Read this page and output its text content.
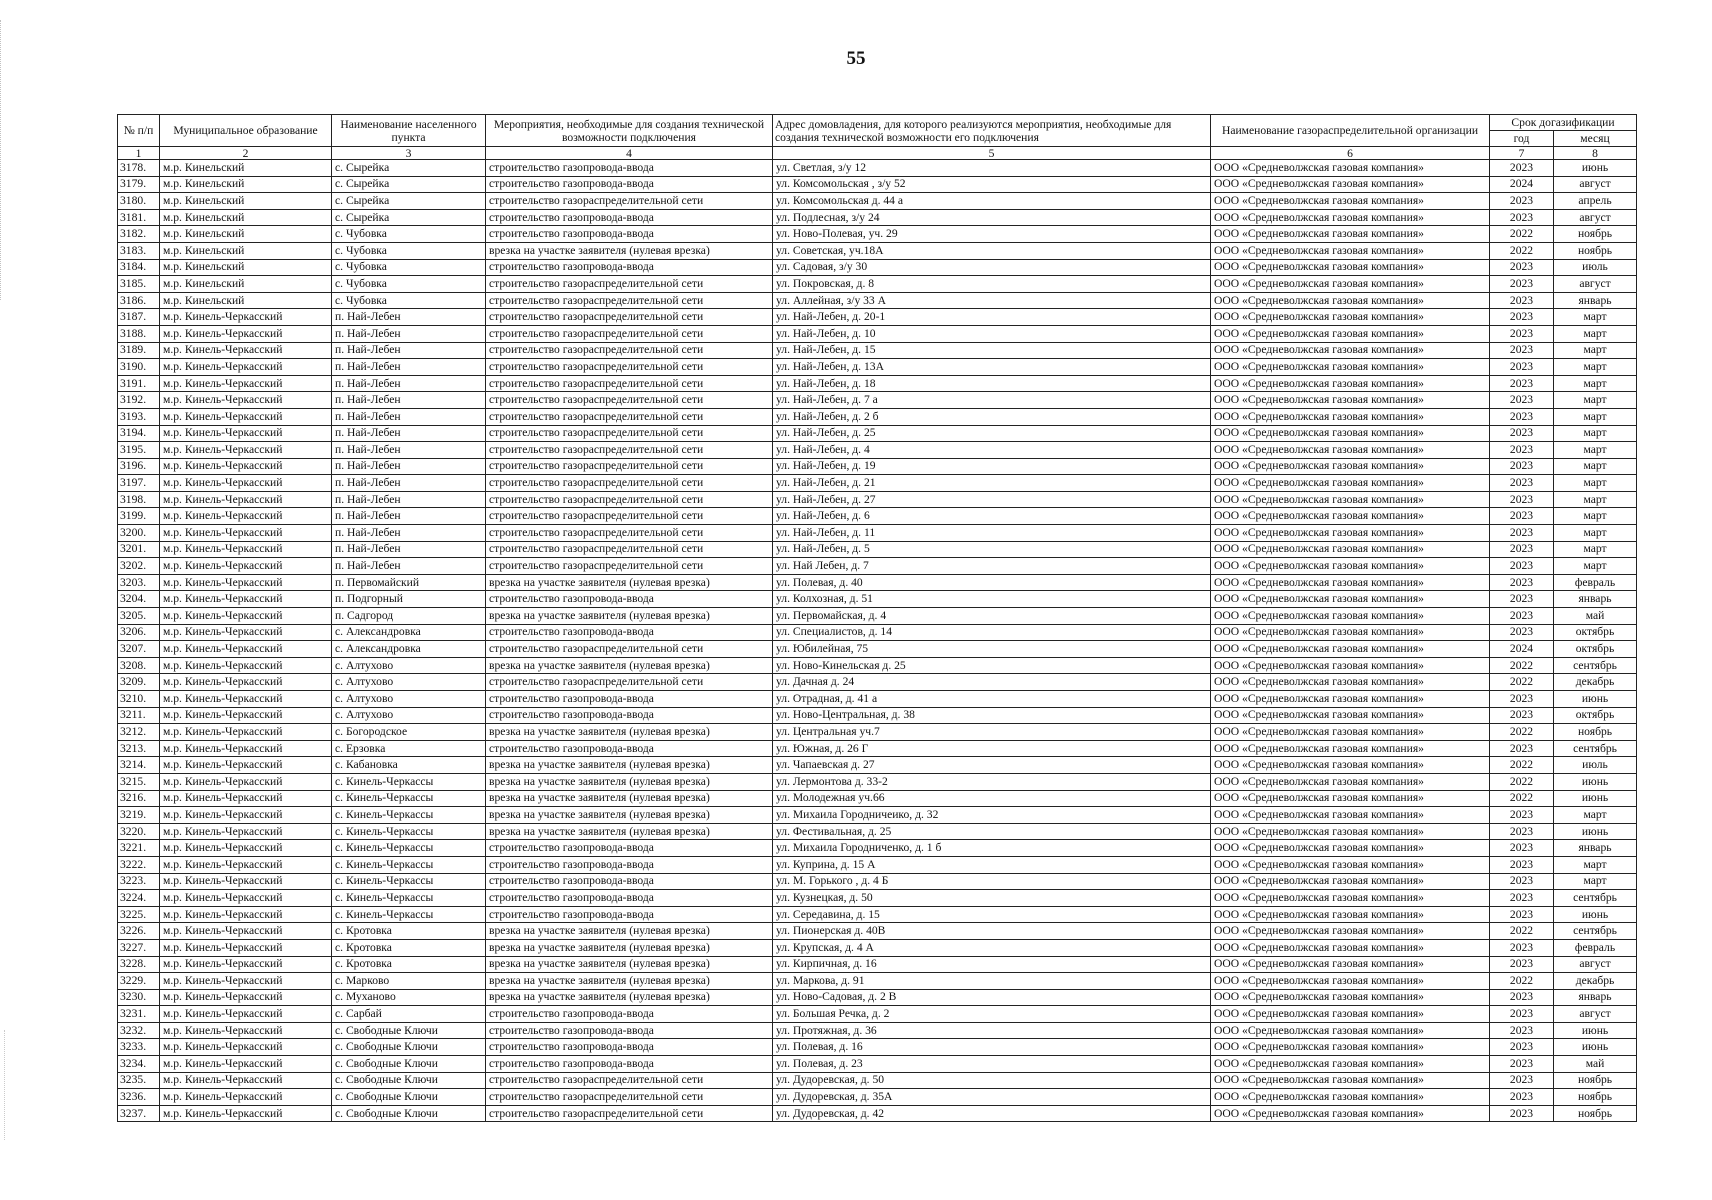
55
№ п/п	Муниципальное образование	Наименование населенного пункта	Мероприятия, необходимые для создания технической возможности подключения	Адрес домовладения, для которого реализуются мероприятия, необходимые для создания технической возможности его подключения	Наименование газораспределительной организации	Срок догазификации	
						год	месяц
1	2	3	4	5	6	7	8
3178.	м.р. Кинельский	с. Сырейка	строительство газопровода-ввода	ул. Светлая, з/у 12	ООО «Средневолжская газовая компания»	2023	июнь
3179.	м.р. Кинельский	с. Сырейка	строительство газопровода-ввода	ул. Комсомольская , з/у 52	ООО «Средневолжская газовая компания»	2024	август
3180.	м.р. Кинельский	с. Сырейка	строительство газораспределительной сети	ул. Комсомольская д. 44 а	ООО «Средневолжская газовая компания»	2023	апрель
3181.	м.р. Кинельский	с. Сырейка	строительство газопровода-ввода	ул. Подлесная, з/у 24	ООО «Средневолжская газовая компания»	2023	август
3182.	м.р. Кинельский	с. Чубовка	строительство газопровода-ввода	ул. Ново-Полевая, уч. 29	ООО «Средневолжская газовая компания»	2022	ноябрь
3183.	м.р. Кинельский	с. Чубовка	врезка на участке заявителя (нулевая врезка)	ул. Советская, уч.18А	ООО «Средневолжская газовая компания»	2022	ноябрь
3184.	м.р. Кинельский	с. Чубовка	строительство газопровода-ввода	ул. Садовая, з/у 30	ООО «Средневолжская газовая компания»	2023	июль
3185.	м.р. Кинельский	с. Чубовка	строительство газораспределительной сети	ул. Покровская, д. 8	ООО «Средневолжская газовая компания»	2023	август
3186.	м.р. Кинельский	с. Чубовка	строительство газораспределительной сети	ул. Аллейная, з/у 33 А	ООО «Средневолжская газовая компания»	2023	январь
3187.	м.р. Кинель-Черкасский	п. Най-Лебен	строительство газораспределительной сети	ул. Най-Лебен, д. 20-1	ООО «Средневолжская газовая компания»	2023	март
3188.	м.р. Кинель-Черкасский	п. Най-Лебен	строительство газораспределительной сети	ул. Най-Лебен, д. 10	ООО «Средневолжская газовая компания»	2023	март
3189.	м.р. Кинель-Черкасский	п. Най-Лебен	строительство газораспределительной сети	ул. Най-Лебен, д. 15	ООО «Средневолжская газовая компания»	2023	март
3190.	м.р. Кинель-Черкасский	п. Най-Лебен	строительство газораспределительной сети	ул. Най-Лебен, д. 13А	ООО «Средневолжская газовая компания»	2023	март
3191.	м.р. Кинель-Черкасский	п. Най-Лебен	строительство газораспределительной сети	ул. Най-Лебен, д. 18	ООО «Средневолжская газовая компания»	2023	март
3192.	м.р. Кинель-Черкасский	п. Най-Лебен	строительство газораспределительной сети	ул. Най-Лебен, д. 7 а	ООО «Средневолжская газовая компания»	2023	март
3193.	м.р. Кинель-Черкасский	п. Най-Лебен	строительство газораспределительной сети	ул. Най-Лебен, д. 2 б	ООО «Средневолжская газовая компания»	2023	март
3194.	м.р. Кинель-Черкасский	п. Най-Лебен	строительство газораспределительной сети	ул. Най-Лебен, д. 25	ООО «Средневолжская газовая компания»	2023	март
3195.	м.р. Кинель-Черкасский	п. Най-Лебен	строительство газораспределительной сети	ул. Най-Лебен, д. 4	ООО «Средневолжская газовая компания»	2023	март
3196.	м.р. Кинель-Черкасский	п. Най-Лебен	строительство газораспределительной сети	ул. Най-Лебен, д. 19	ООО «Средневолжская газовая компания»	2023	март
3197.	м.р. Кинель-Черкасский	п. Най-Лебен	строительство газораспределительной сети	ул. Най-Лебен, д. 21	ООО «Средневолжская газовая компания»	2023	март
3198.	м.р. Кинель-Черкасский	п. Най-Лебен	строительство газораспределительной сети	ул. Най-Лебен, д. 27	ООО «Средневолжская газовая компания»	2023	март
3199.	м.р. Кинель-Черкасский	п. Най-Лебен	строительство газораспределительной сети	ул. Най-Лебен, д. 6	ООО «Средневолжская газовая компания»	2023	март
3200.	м.р. Кинель-Черкасский	п. Най-Лебен	строительство газораспределительной сети	ул. Най-Лебен, д. 11	ООО «Средневолжская газовая компания»	2023	март
3201.	м.р. Кинель-Черкасский	п. Най-Лебен	строительство газораспределительной сети	ул. Най-Лебен, д. 5	ООО «Средневолжская газовая компания»	2023	март
3202.	м.р. Кинель-Черкасский	п. Най-Лебен	строительство газораспределительной сети	ул. Най Лебен, д. 7	ООО «Средневолжская газовая компания»	2023	март
3203.	м.р. Кинель-Черкасский	п. Первомайский	врезка на участке заявителя (нулевая врезка)	ул. Полевая, д. 40	ООО «Средневолжская газовая компания»	2023	февраль
3204.	м.р. Кинель-Черкасский	п. Подгорный	строительство газопровода-ввода	ул. Колхозная, д. 51	ООО «Средневолжская газовая компания»	2023	январь
3205.	м.р. Кинель-Черкасский	п. Садгород	врезка на участке заявителя (нулевая врезка)	ул. Первомайская, д. 4	ООО «Средневолжская газовая компания»	2023	май
3206.	м.р. Кинель-Черкасский	с. Александровка	строительство газопровода-ввода	ул. Специалистов, д. 14	ООО «Средневолжская газовая компания»	2023	октябрь
3207.	м.р. Кинель-Черкасский	с. Александровка	строительство газораспределительной сети	ул. Юбилейная, 75	ООО «Средневолжская газовая компания»	2024	октябрь
3208.	м.р. Кинель-Черкасский	с. Алтухово	врезка на участке заявителя (нулевая врезка)	ул. Ново-Кинельская д. 25	ООО «Средневолжская газовая компания»	2022	сентябрь
3209.	м.р. Кинель-Черкасский	с. Алтухово	строительство газораспределительной сети	ул. Дачная д. 24	ООО «Средневолжская газовая компания»	2022	декабрь
3210.	м.р. Кинель-Черкасский	с. Алтухово	строительство газопровода-ввода	ул. Отрадная, д. 41 а	ООО «Средневолжская газовая компания»	2023	июнь
3211.	м.р. Кинель-Черкасский	с. Алтухово	строительство газопровода-ввода	ул. Ново-Центральная, д. 38	ООО «Средневолжская газовая компания»	2023	октябрь
3212.	м.р. Кинель-Черкасский	с. Богородское	врезка на участке заявителя (нулевая врезка)	ул. Центральная уч.7	ООО «Средневолжская газовая компания»	2022	ноябрь
3213.	м.р. Кинель-Черкасский	с. Ерзовка	строительство газопровода-ввода	ул. Южная, д. 26 Г	ООО «Средневолжская газовая компания»	2023	сентябрь
3214.	м.р. Кинель-Черкасский	с. Кабановка	врезка на участке заявителя (нулевая врезка)	ул. Чапаевская д. 27	ООО «Средневолжская газовая компания»	2022	июль
3215.	м.р. Кинель-Черкасский	с. Кинель-Черкассы	врезка на участке заявителя (нулевая врезка)	ул. Лермонтова д. 33-2	ООО «Средневолжская газовая компания»	2022	июнь
3216.	м.р. Кинель-Черкасский	с. Кинель-Черкассы	врезка на участке заявителя (нулевая врезка)	ул. Молодежная уч.66	ООО «Средневолжская газовая компания»	2022	июнь
3219.	м.р. Кинель-Черкасский	с. Кинель-Черкассы	врезка на участке заявителя (нулевая врезка)	ул. Михаила Городничеико, д. 32	ООО «Средневолжская газовая компания»	2023	март
3220.	м.р. Кинель-Черкасский	с. Кинель-Черкассы	врезка на участке заявителя (нулевая врезка)	ул. Фестивальная, д. 25	ООО «Средневолжская газовая компания»	2023	июнь
3221.	м.р. Кинель-Черкасский	с. Кинель-Черкассы	строительство газопровода-ввода	ул. Михаила Городниченко, д. 1 б	ООО «Средневолжская газовая компания»	2023	январь
3222.	м.р. Кинель-Черкасский	с. Кинель-Черкассы	строительство газопровода-ввода	ул. Куприна, д. 15 А	ООО «Средневолжская газовая компания»	2023	март
3223.	м.р. Кинель-Черкасский	с. Кинель-Черкассы	строительство газопровода-ввода	ул. М. Горького , д. 4 Б	ООО «Средневолжская газовая компания»	2023	март
3224.	м.р. Кинель-Черкасский	с. Кинель-Черкассы	строительство газопровода-ввода	ул. Кузнецкая, д. 50	ООО «Средневолжская газовая компания»	2023	сентябрь
3225.	м.р. Кинель-Черкасский	с. Кинель-Черкассы	строительство газопровода-ввода	ул. Середавина, д. 15	ООО «Средневолжская газовая компания»	2023	июнь
3226.	м.р. Кинель-Черкасский	с. Кротовка	врезка на участке заявителя (нулевая врезка)	ул. Пионерская д. 40В	ООО «Средневолжская газовая компания»	2022	сентябрь
3227.	м.р. Кинель-Черкасский	с. Кротовка	врезка на участке заявителя (нулевая врезка)	ул. Крупская, д. 4 А	ООО «Средневолжская газовая компания»	2023	февраль
3228.	м.р. Кинель-Черкасский	с. Кротовка	врезка на участке заявителя (нулевая врезка)	ул. Кирпичная, д. 16	ООО «Средневолжская газовая компания»	2023	август
3229.	м.р. Кинель-Черкасский	с. Марково	врезка на участке заявителя (нулевая врезка)	ул. Маркова, д. 91	ООО «Средневолжская газовая компания»	2022	декабрь
3230.	м.р. Кинель-Черкасский	с. Муханово	врезка на участке заявителя (нулевая врезка)	ул. Ново-Садовая, д. 2 В	ООО «Средневолжская газовая компания»	2023	январь
3231.	м.р. Кинель-Черкасский	с. Сарбай	строительство газопровода-ввода	ул. Большая Речка, д. 2	ООО «Средневолжская газовая компания»	2023	август
3232.	м.р. Кинель-Черкасский	с. Свободные Ключи	строительство газопровода-ввода	ул. Протяжная, д. 36	ООО «Средневолжская газовая компания»	2023	июнь
3233.	м.р. Кинель-Черкасский	с. Свободные Ключи	строительство газопровода-ввода	ул. Полевая, д. 16	ООО «Средневолжская газовая компания»	2023	июнь
3234.	м.р. Кинель-Черкасский	с. Свободные Ключи	строительство газопровода-ввода	ул. Полевая, д. 23	ООО «Средневолжская газовая компания»	2023	май
3235.	м.р. Кинель-Черкасский	с. Свободные Ключи	строительство газораспределительной сети	ул. Дудоревская, д. 50	ООО «Средневолжская газовая компания»	2023	ноябрь
3236.	м.р. Кинель-Черкасский	с. Свободные Ключи	строительство газораспределительной сети	ул. Дудоревская, д. 35А	ООО «Средневолжская газовая компания»	2023	ноябрь
3237.	м.р. Кинель-Черкасский	с. Свободные Ключи	строительство газораспределительной сети	ул. Дудоревская, д. 42	ООО «Средневолжская газовая компания»	2023	ноябрь
